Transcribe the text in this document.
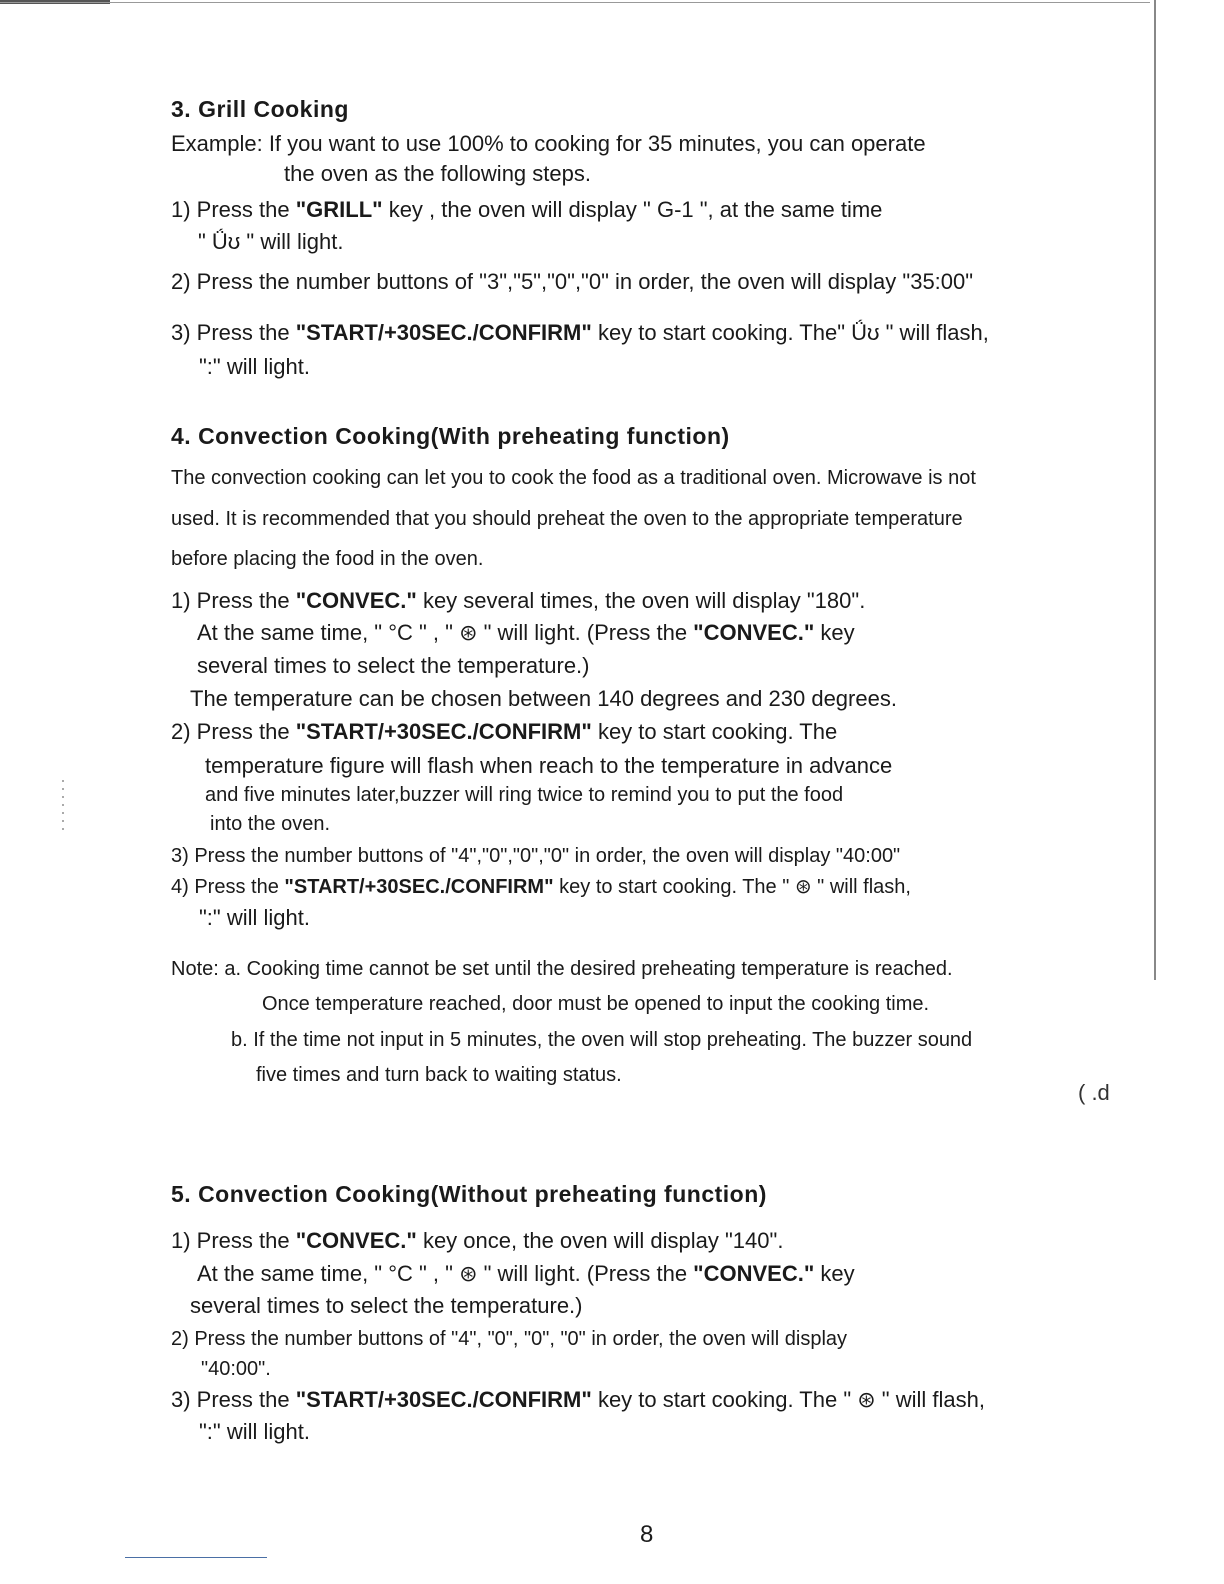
3. Grill Cooking
Example: If you want to use 100% to cooking for 35 minutes, you can operate
the oven as the following steps.
1) Press the "GRILL" key , the oven will display " G-1 ", at the same time
" Ǘʊ " will light.
2) Press the number buttons of "3","5","0","0" in order, the oven will display "35:00"
3) Press the "START/+30SEC./CONFIRM" key to start cooking. The" Ǘʊ " will flash,
":" will light.
4. Convection Cooking(With preheating function)
The convection cooking can let you to cook the food as a traditional oven. Microwave is not
used. It is recommended that you should preheat the oven to the appropriate temperature
before placing the food in the oven.
1) Press the "CONVEC." key several times, the oven will display "180".
At the same time, " °C " , " ⊛ " will light. (Press the "CONVEC." key
several times to select the temperature.)
The temperature can be chosen between 140 degrees and 230 degrees.
2) Press the "START/+30SEC./CONFIRM" key to start cooking. The
temperature figure will flash when reach to the temperature in advance
and five minutes later,buzzer will ring twice to remind you to put the food
into the oven.
3) Press the number buttons of "4","0","0","0" in order, the oven will display "40:00"
4) Press the "START/+30SEC./CONFIRM" key to start cooking. The " ⊛ " will flash,
":" will light.
Note: a. Cooking time cannot be set until the desired preheating temperature is reached.
Once temperature reached, door must be opened to input the cooking time.
b. If the time not input in 5 minutes, the oven will stop preheating. The buzzer sound
five times and turn back to waiting status.
( .d
5. Convection Cooking(Without preheating function)
1) Press the "CONVEC." key once, the oven will display "140".
At the same time, " °C " , " ⊛ " will light. (Press the "CONVEC." key
several times to select the temperature.)
2) Press the number buttons of "4", "0", "0", "0" in order, the oven will display
"40:00".
3) Press the "START/+30SEC./CONFIRM" key to start cooking. The " ⊛ " will flash,
":" will light.
8
